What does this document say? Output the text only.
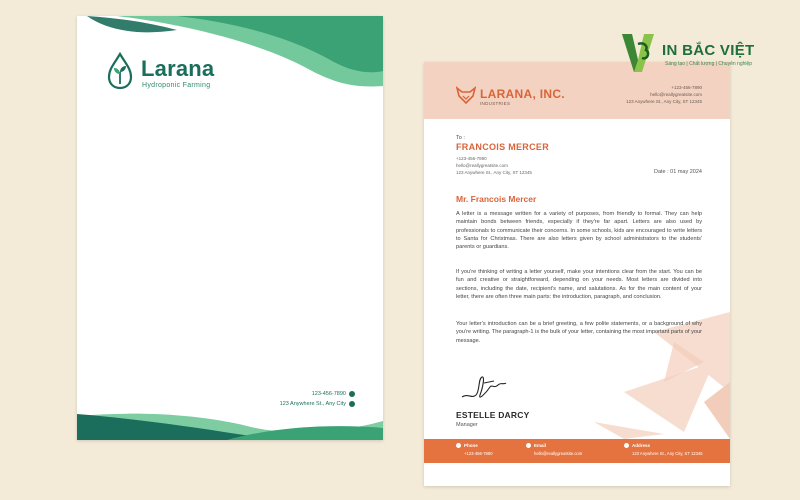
Larana
Hydroponic Farming
123-456-7890
123 Anywhere St., Any City
LARANA, INC.
INDUSTRIES
+123-456-7890
hello@reallygreatsite.com
123 Anywhere St., Any City, ST 12345
To :
FRANCOIS MERCER
+123-456-7890
hello@reallygreatsite.com
123 Anywhere St., Any City, ST 12345	Date : 01 may 2024
Mr. Francois Mercer
A letter is a message written for a variety of purposes, from friendly to formal. They can help maintain bonds between friends, especially if they're far apart. Letters are also used by professionals to communicate their concerns. In some schools, kids are encouraged to write letters to Santa for Christmas. There are also letters given by school administrators to the students' parents or guardians.
If you're thinking of writing a letter yourself, make your intentions clear from the start. You can be fun and creative or straightforward, depending on your needs. Most letters are divided into sections, including the date, recipient's name, and salutations. As for the main content of your letter, there are often three main parts: the introduction, paragraph, and conclusion.
Your letter's introduction can be a brief greeting, a few polite statements, or a background of why you're writing. The paragraph-1 is the bulk of your letter, containing the most important parts of your message.
ESTELLE DARCY
Manager
Phone
+123-456-7890
Email
hello@reallygreatsite.com
Address
123 Anywhere St., Any City, ST 12345
IN BẮC VIỆT
Sáng tạo | Chất lượng | Chuyên nghiệp
